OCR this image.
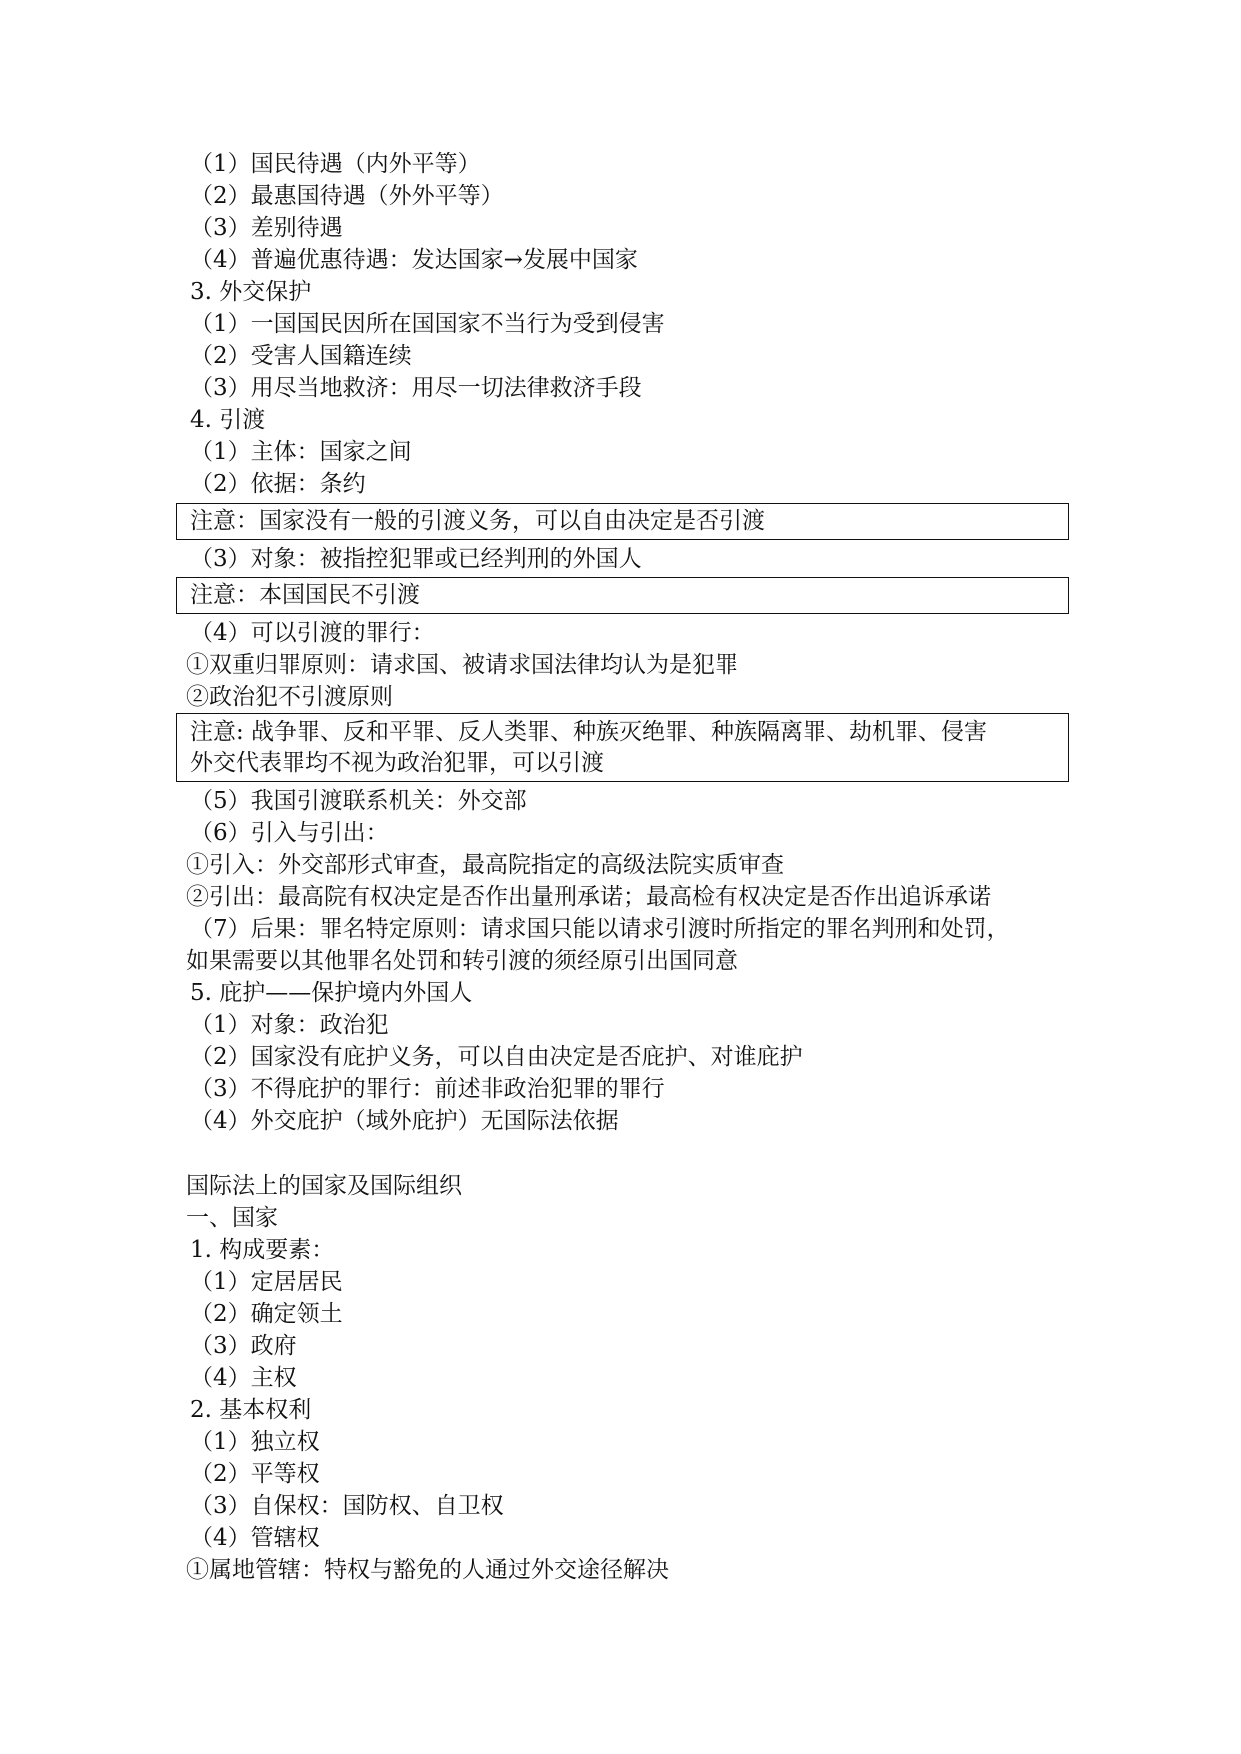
（1）国民待遇（内外平等）
（2）最惠国待遇（外外平等）
（3）差别待遇
（4）普遍优惠待遇：发达国家→发展中国家
3. 外交保护
（1）一国国民因所在国国家不当行为受到侵害
（2）受害人国籍连续
（3）用尽当地救济：用尽一切法律救济手段
4. 引渡
（1）主体：国家之间
（2）依据：条约
注意：国家没有一般的引渡义务，可以自由决定是否引渡
（3）对象：被指控犯罪或已经判刑的外国人
注意：本国国民不引渡
（4）可以引渡的罪行：
①双重归罪原则：请求国、被请求国法律均认为是犯罪
②政治犯不引渡原则
注意: 战争罪、反和平罪、反人类罪、种族灭绝罪、种族隔离罪、劫机罪、侵害
外交代表罪均不视为政治犯罪，可以引渡
（5）我国引渡联系机关：外交部
（6）引入与引出：
①引入：外交部形式审查，最高院指定的高级法院实质审查
②引出：最高院有权决定是否作出量刑承诺；最高检有权决定是否作出追诉承诺
（7）后果：罪名特定原则：请求国只能以请求引渡时所指定的罪名判刑和处罚，
如果需要以其他罪名处罚和转引渡的须经原引出国同意
5. 庇护——保护境内外国人
（1）对象：政治犯
（2）国家没有庇护义务，可以自由决定是否庇护、对谁庇护
（3）不得庇护的罪行：前述非政治犯罪的罪行
（4）外交庇护（域外庇护）无国际法依据
国际法上的国家及国际组织
一、国家
1. 构成要素：
（1）定居居民
（2）确定领土
（3）政府
（4）主权
2. 基本权利
（1）独立权
（2）平等权
（3）自保权：国防权、自卫权
（4）管辖权
①属地管辖：特权与豁免的人通过外交途径解决
